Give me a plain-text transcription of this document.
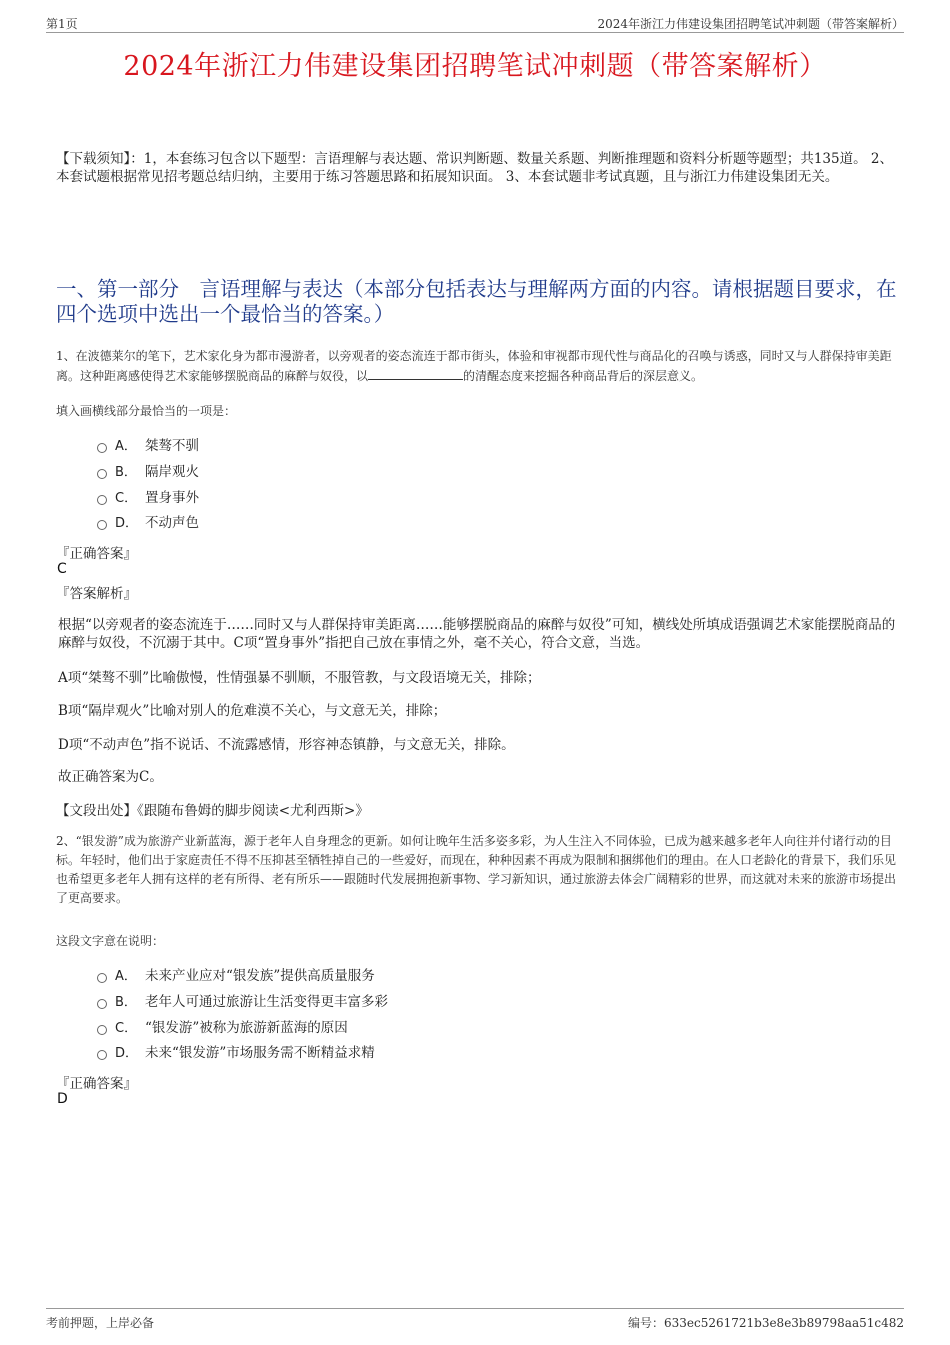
第1页	2024年浙江力伟建设集团招聘笔试冲刺题（带答案解析）
2024年浙江力伟建设集团招聘笔试冲刺题（带答案解析）
【下载须知】：1，本套练习包含以下题型：言语理解与表达题、常识判断题、数量关系题、判断推理题和资料分析题等题型；共135道。 2、本套试题根据常见招考题总结归纳，主要用于练习答题思路和拓展知识面。 3、本套试题非考试真题，且与浙江力伟建设集团无关。
一、第一部分　言语理解与表达（本部分包括表达与理解两方面的内容。请根据题目要求，在四个选项中选出一个最恰当的答案。）
1、在波德莱尔的笔下，艺术家化身为都市漫游者，以旁观者的姿态流连于都市街头，体验和审视都市现代性与商品化的召唤与诱惑，同时又与人群保持审美距离。这种距离感使得艺术家能够摆脱商品的麻醉与奴役，以	的清醒态度来挖掘各种商品背后的深层意义。
填入画横线部分最恰当的一项是：
A． 桀骜不驯
B． 隔岸观火
C． 置身事外
D． 不动声色
『正确答案』
C
『答案解析』
根据“以旁观者的姿态流连于……同时又与人群保持审美距离……能够摆脱商品的麻醉与奴役”可知，横线处所填成语强调艺术家能摆脱商品的麻醉与奴役，不沉溺于其中。C项“置身事外”指把自己放在事情之外，毫不关心，符合文意，当选。
A项“桀骜不驯”比喻傲慢，性情强暴不驯顺，不服管教，与文段语境无关，排除；
B项“隔岸观火”比喻对别人的危难漠不关心，与文意无关，排除；
D项“不动声色”指不说话、不流露感情，形容神态镇静，与文意无关，排除。
故正确答案为C。
【文段出处】《跟随布鲁姆的脚步阅读<尤利西斯>》
2、“银发游”成为旅游产业新蓝海，源于老年人自身理念的更新。如何让晚年生活多姿多彩，为人生注入不同体验，已成为越来越多老年人向往并付诸行动的目标。年轻时，他们出于家庭责任不得不压抑甚至牺牲掉自己的一些爱好，而现在，种种因素不再成为限制和捆绑他们的理由。在人口老龄化的背景下，我们乐见也希望更多老年人拥有这样的老有所得、老有所乐——跟随时代发展拥抱新事物、学习新知识，通过旅游去体会广阔精彩的世界，而这就对未来的旅游市场提出了更高要求。
这段文字意在说明：
A． 未来产业应对“银发族”提供高质量服务
B． 老年人可通过旅游让生活变得更丰富多彩
C． “银发游”被称为旅游新蓝海的原因
D． 未来“银发游”市场服务需不断精益求精
『正确答案』
D
考前押题，上岸必备	编号：633ec5261721b3e8e3b89798aa51c482
